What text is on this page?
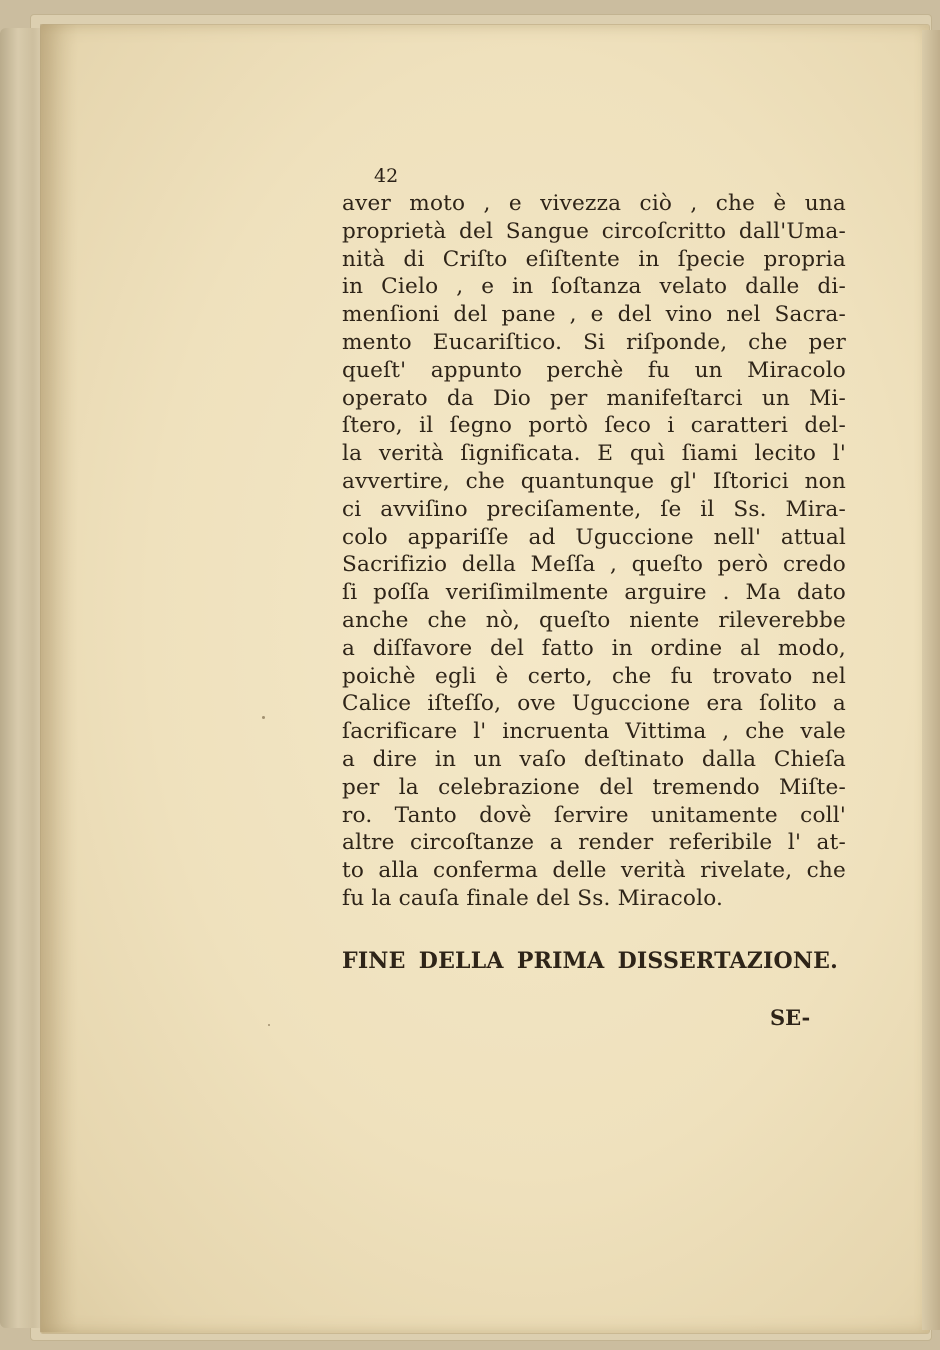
42
aver moto , e vivezza ciò , che è una
proprietà del Sangue circoſcritto dall'Uma-
nità di Criſto eſiſtente in ſpecie propria
in Cielo , e in ſoſtanza velato dalle di-
menſioni del pane , e del vino nel Sacra-
mento Eucariſtico. Si riſponde, che per
queſt' appunto perchè fu un Miracolo
operato da Dio per manifeſtarci un Mi-
ſtero, il ſegno portò ſeco i caratteri del-
la verità ſignificata. E quì ſiami lecito l'
avvertire, che quantunque gl' Iſtorici non
ci avviſino preciſamente, ſe il Ss. Mira-
colo appariſſe ad Uguccione nell' attual
Sacrifizio della Meſſa , queſto però credo
ſi poſſa veriſimilmente arguire . Ma dato
anche che nò, queſto niente rileverebbe
a diſfavore del fatto in ordine al modo,
poichè egli è certo, che fu trovato nel
Calice iſteſſo, ove Uguccione era ſolito a
ſacrificare l' incruenta Vittima , che vale
a dire in un vaſo deſtinato dalla Chieſa
per la celebrazione del tremendo Miſte-
ro. Tanto dovè ſervire unitamente coll'
altre circoſtanze a render referibile l' at-
to alla conferma delle verità rivelate, che
fu la cauſa finale del Ss. Miracolo.
FINE DELLA PRIMA DISSERTAZIONE.
SE-
